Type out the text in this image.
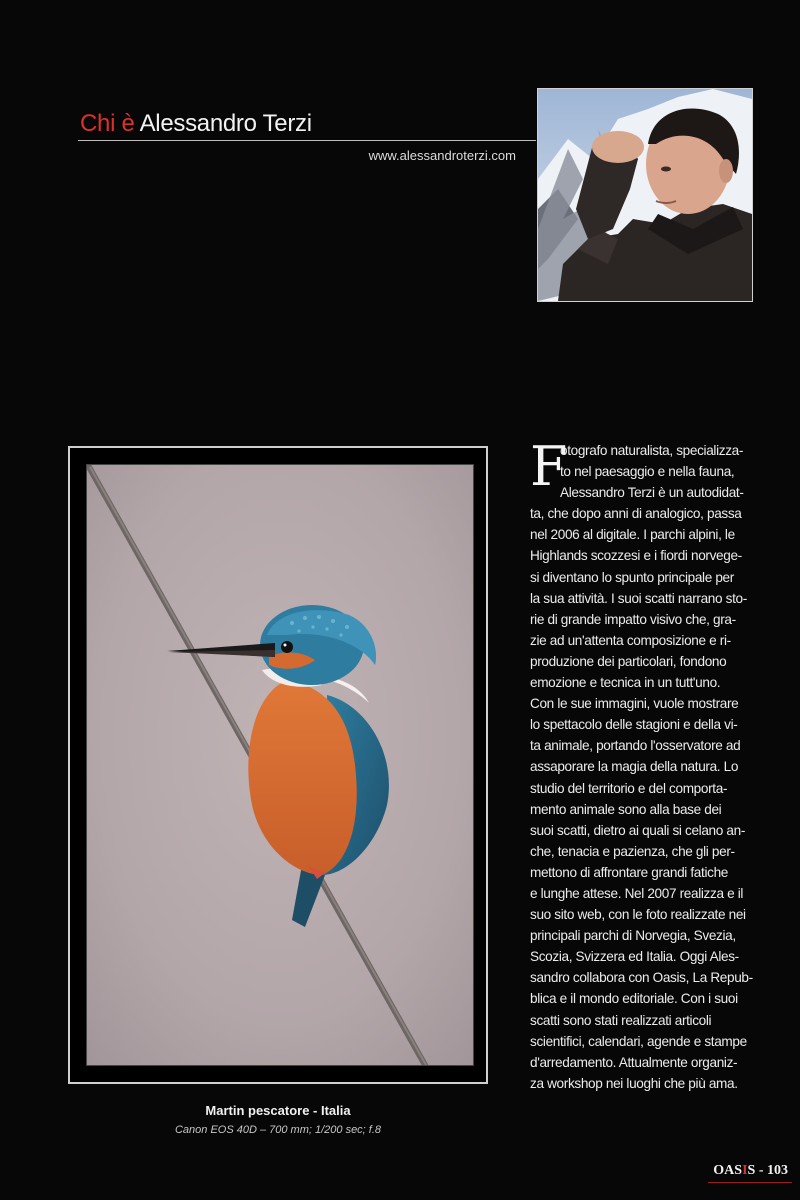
Chi è Alessandro Terzi
www.alessandroterzi.com
Martin pescatore - Italia
Canon EOS 40D – 700 mm; 1/200 sec; f.8
F
otografo naturalista, specializza-
to nel paesaggio e nella fauna,
Alessandro Terzi è un autodidat-
ta, che dopo anni di analogico, passa
nel 2006 al digitale. I parchi alpini, le
Highlands scozzesi e i fiordi norvege-
si diventano lo spunto principale per
la sua attività. I suoi scatti narrano sto-
rie di grande impatto visivo che, gra-
zie ad un'attenta composizione e ri-
produzione dei particolari, fondono
emozione e tecnica in un tutt'uno.
Con le sue immagini, vuole mostrare
lo spettacolo delle stagioni e della vi-
ta animale, portando l'osservatore ad
assaporare la magia della natura. Lo
studio del territorio e del comporta-
mento animale sono alla base dei
suoi scatti, dietro ai quali si celano an-
che, tenacia e pazienza, che gli per-
mettono di affrontare grandi fatiche
e lunghe attese. Nel 2007 realizza e il
suo sito web, con le foto realizzate nei
principali parchi di Norvegia, Svezia,
Scozia, Svizzera ed Italia. Oggi Ales-
sandro collabora con Oasis, La Repub-
blica e il mondo editoriale. Con i suoi
scatti sono stati realizzati articoli
scientifici, calendari, agende e stampe
d'arredamento. Attualmente organiz-
za workshop nei luoghi che più ama.
OASIS - 103
